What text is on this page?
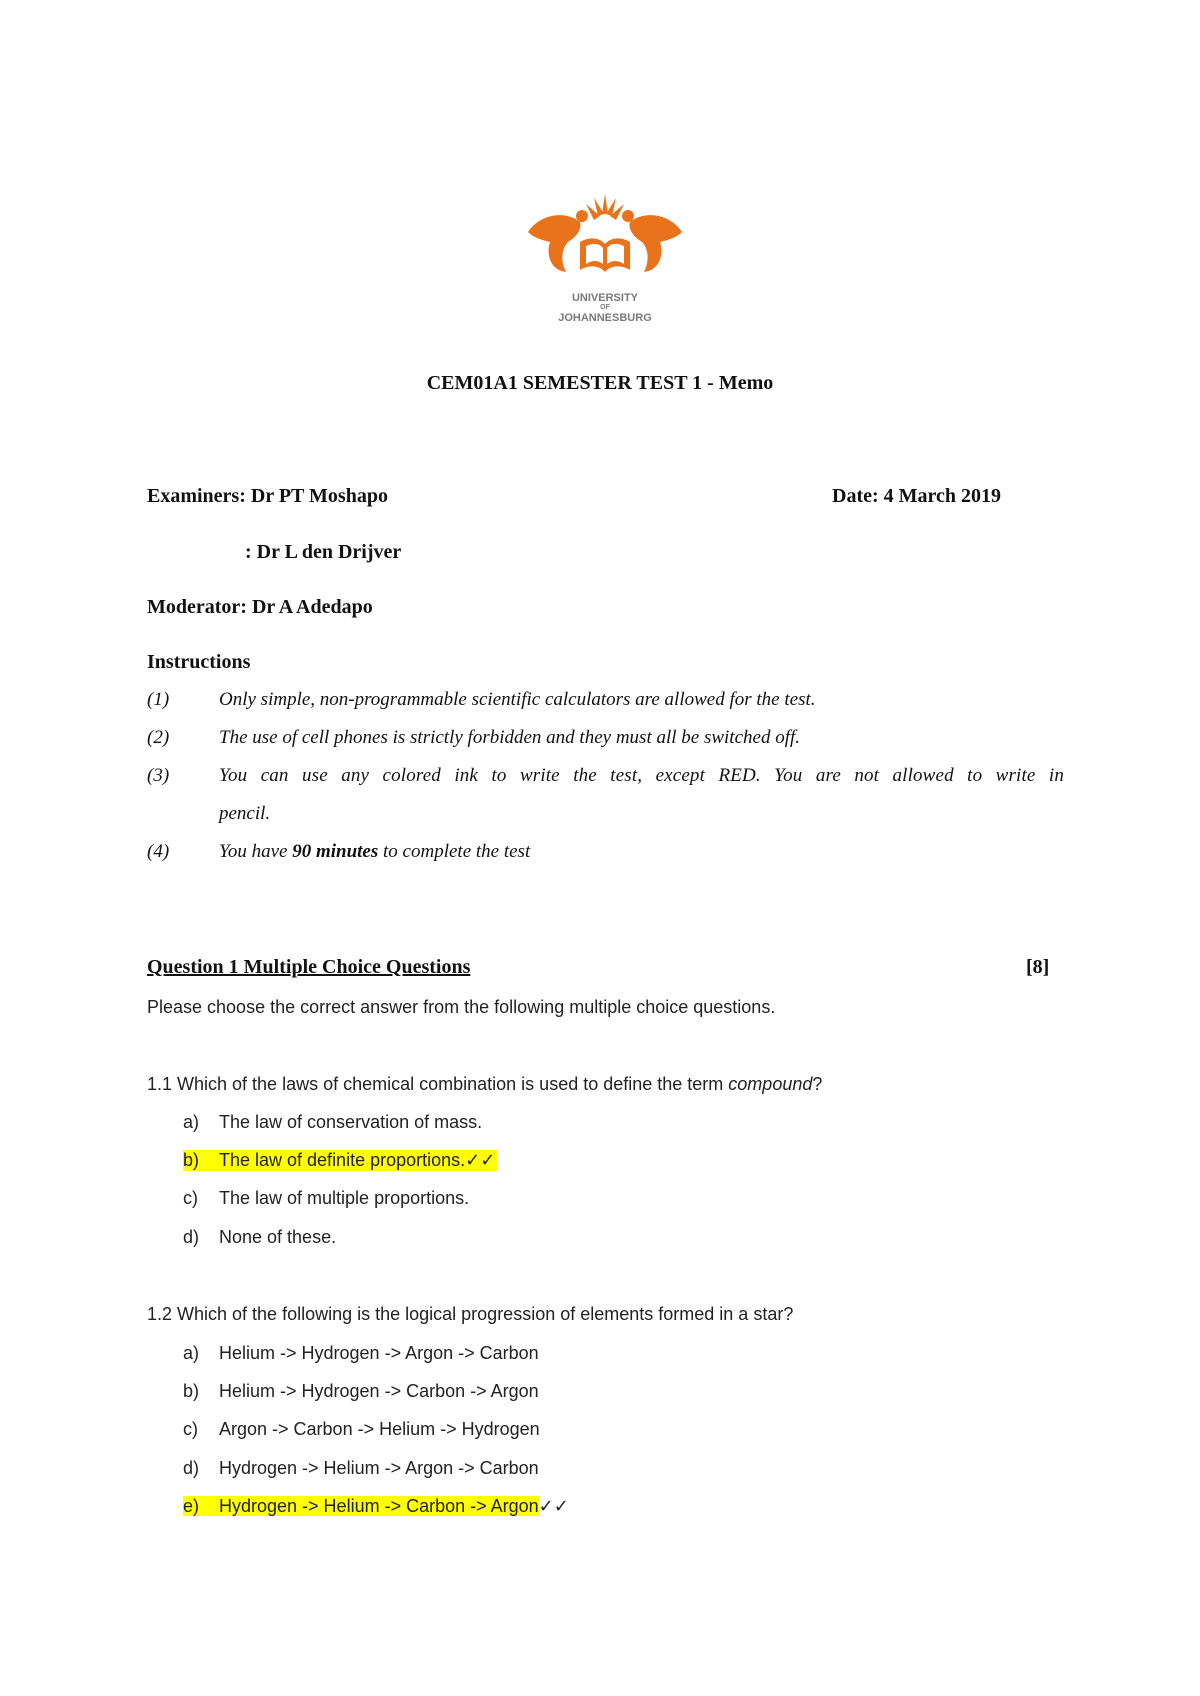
UNIVERSITY
OF
JOHANNESBURG
CEM01A1 SEMESTER TEST 1 - Memo
Examiners: Dr PT Moshapo	Date: 4 March 2019
: Dr L den Drijver
Moderator: Dr A Adedapo
Instructions
(1)	Only simple, non-programmable scientific calculators are allowed for the test.
(2)	The use of cell phones is strictly forbidden and they must all be switched off.
(3)	You can use any colored ink to write the test, except RED. You are not allowed to write in
pencil.
(4)	You have 90 minutes to complete the test
Question 1 Multiple Choice Questions	[8]
Please choose the correct answer from the following multiple choice questions.
1.1 Which of the laws of chemical combination is used to define the term compound?
a) The law of conservation of mass.
b) The law of definite proportions.✓✓
c) The law of multiple proportions.
d) None of these.
1.2 Which of the following is the logical progression of elements formed in a star?
a) Helium -> Hydrogen -> Argon -> Carbon
b) Helium -> Hydrogen -> Carbon -> Argon
c) Argon -> Carbon -> Helium -> Hydrogen
d) Hydrogen -> Helium -> Argon -> Carbon
e) Hydrogen -> Helium -> Carbon -> Argon✓✓
